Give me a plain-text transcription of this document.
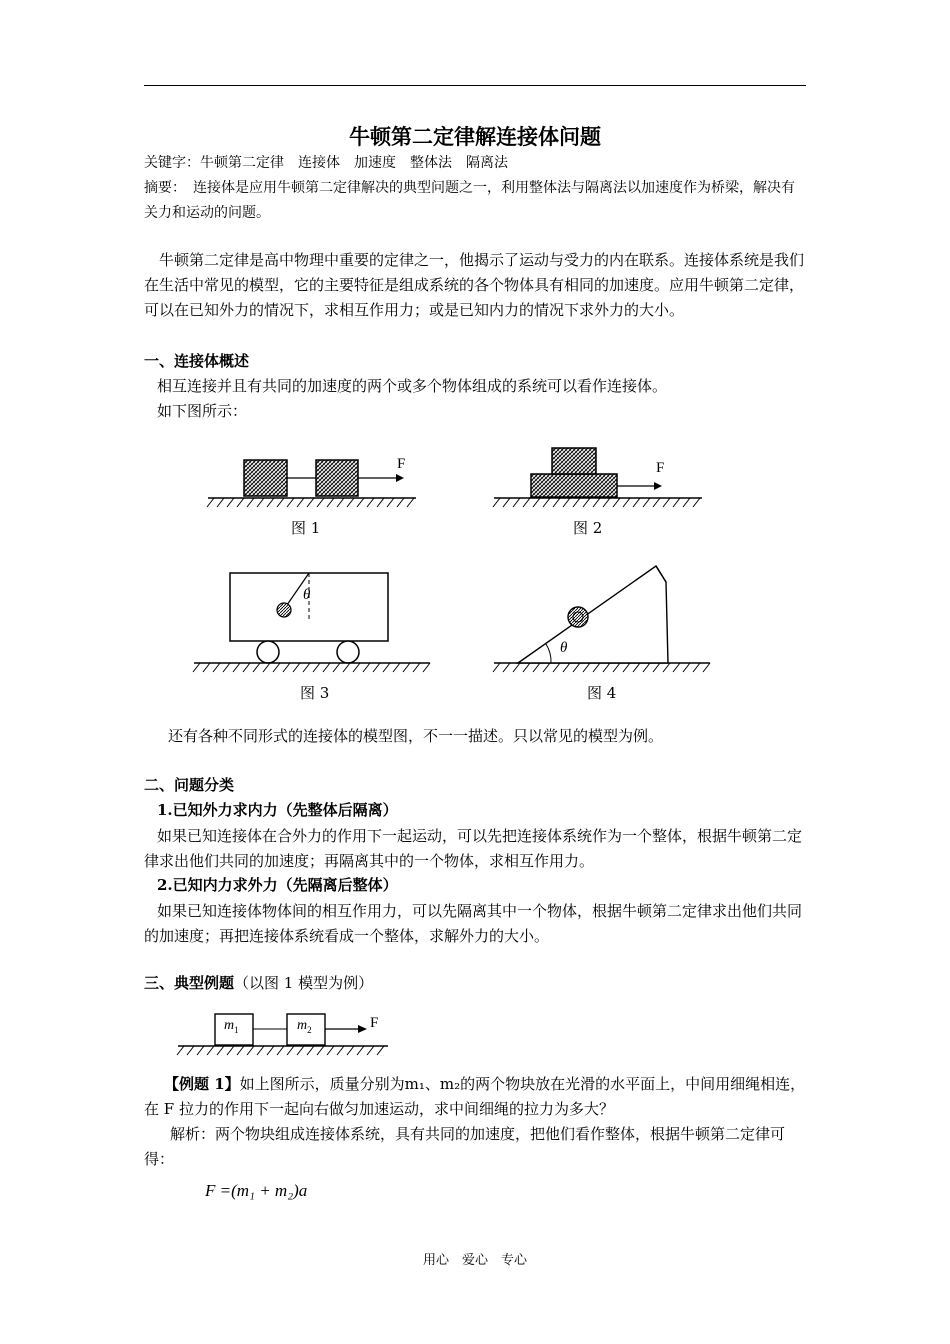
牛顿第二定律解连接体问题
关键字：牛顿第二定律　连接体　加速度　整体法　隔离法
摘要：　连接体是应用牛顿第二定律解决的典型问题之一，利用整体法与隔离法以加速度作为桥梁，解决有关力和运动的问题。
　牛顿第二定律是高中物理中重要的定律之一，他揭示了运动与受力的内在联系。连接体系统是我们在生活中常见的模型，它的主要特征是组成系统的各个物体具有相同的加速度。应用牛顿第二定律，可以在已知外力的情况下，求相互作用力；或是已知内力的情况下求外力的大小。
一、连接体概述
相互连接并且有共同的加速度的两个或多个物体组成的系统可以看作连接体。
如下图所示：
F
图 1
F
图 2
θ
图 3
θ
图 4
还有各种不同形式的连接体的模型图，不一一描述。只以常见的模型为例。
二、问题分类
1.已知外力求内力（先整体后隔离）
如果已知连接体在合外力的作用下一起运动，可以先把连接体系统作为一个整体，根据牛顿第二定律求出他们共同的加速度；再隔离其中的一个物体，求相互作用力。
2.已知内力求外力（先隔离后整体）
如果已知连接体物体间的相互作用力，可以先隔离其中一个物体，根据牛顿第二定律求出他们共同的加速度；再把连接体系统看成一个整体，求解外力的大小。
三、典型例题（以图 1 模型为例）
$m_1$	$m_2$	F
【例题 1】如上图所示，质量分别为m₁、m₂的两个物块放在光滑的水平面上，中间用细绳相连，在 F 拉力的作用下一起向右做匀加速运动，求中间细绳的拉力为多大？
解析：两个物块组成连接体系统，具有共同的加速度，把他们看作整体，根据牛顿第二定律可得：
F =(m₁ + m₂)a
用心　爱心　专心
